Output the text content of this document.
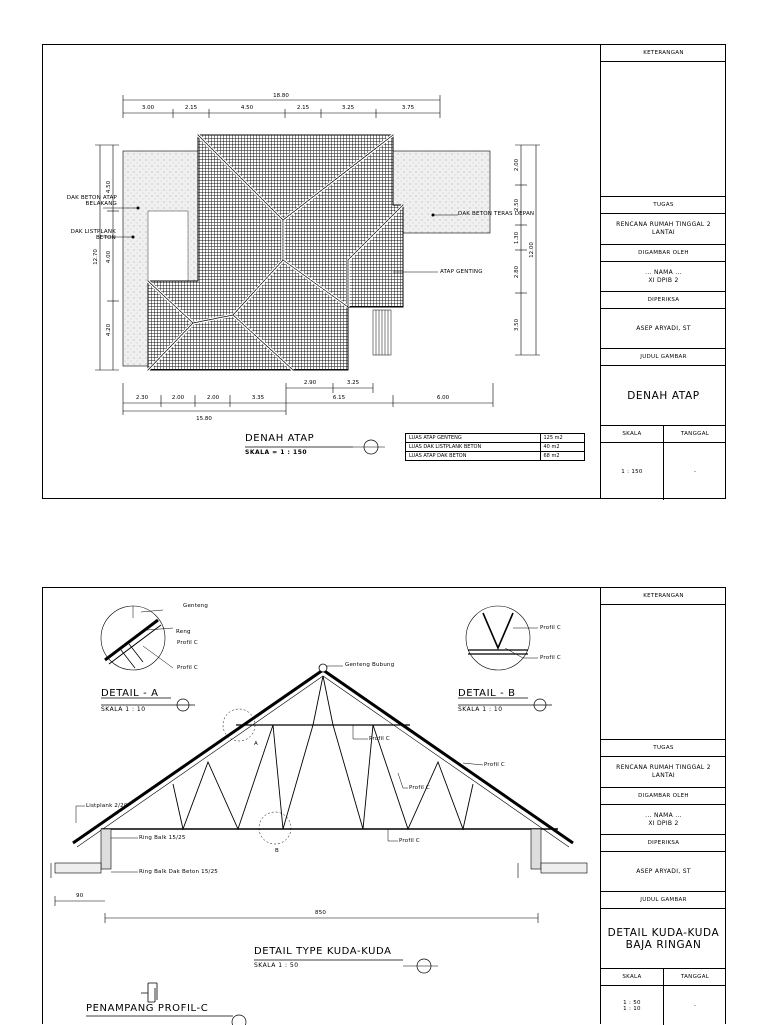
18.80
3.00	2.15	4.50	2.15	3.25	3.75
2.30	2.00	2.00	3.35	6.15	6.00
15.80
2.90	3.25
12.70
4.50
4.00
4.20
2.00
2.50
1.30
2.80
3.50
12.00
DAK BETON ATAP BELAKANG
DAK LISTPLANK BETON
DAK BETON TERAS DEPAN
ATAP GENTING
DENAH ATAP
SKALA = 1 : 150
LUAS ATAP GENTENG	125 m2
LUAS DAK LISTPLANK BETON	40 m2
LUAS ATAP DAK BETON	68 m2
KETERANGAN
TUGAS
RENCANA RUMAH TINGGAL 2 LANTAI
DIGAMBAR OLEH
... NAMA ...
XI DPIB 2
DIPERIKSA
ASEP ARYADI, ST
JUDUL GAMBAR
DENAH ATAP
SKALA	TANGGAL
1 : 150	-
Genteng
Reng
Profil C
Profil C
DETAIL - A
SKALA 1 : 10
Profil C
Profil C
DETAIL - B
SKALA 1 : 10
Genteng Bubung
Profil C
Profil C
Profil C
Profil C
Listplank 2/20
Ring Balk 15/25
Ring Balk Dak Beton 15/25
A
B
850
90
DETAIL TYPE KUDA-KUDA
SKALA 1 : 50
PENAMPANG PROFIL-C
KETERANGAN
TUGAS
RENCANA RUMAH TINGGAL 2 LANTAI
DIGAMBAR OLEH
... NAMA ...
XI DPIB 2
DIPERIKSA
ASEP ARYADI, ST
JUDUL GAMBAR
DETAIL KUDA-KUDA BAJA RINGAN
SKALA	TANGGAL
1 : 50
1 : 10	-
